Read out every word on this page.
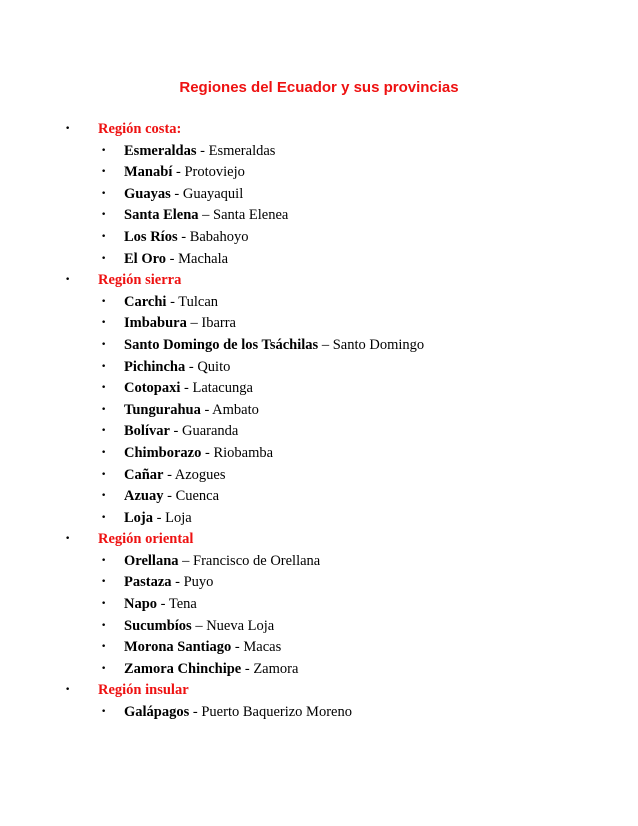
Regiones del Ecuador y sus provincias
• Región costa:
• Esmeraldas - Esmeraldas
• Manabí - Protoviejo
• Guayas - Guayaquil
• Santa Elena – Santa Elenea
• Los Ríos - Babahoyo
• El Oro - Machala
• Región sierra
• Carchi - Tulcan
• Imbabura – Ibarra
• Santo Domingo de los Tsáchilas – Santo Domingo
• Pichincha - Quito
• Cotopaxi - Latacunga
• Tungurahua - Ambato
• Bolívar - Guaranda
• Chimborazo - Riobamba
• Cañar - Azogues
• Azuay - Cuenca
• Loja - Loja
• Región oriental
• Orellana – Francisco de Orellana
• Pastaza - Puyo
• Napo - Tena
• Sucumbíos – Nueva Loja
• Morona Santiago - Macas
• Zamora Chinchipe - Zamora
• Región insular
• Galápagos - Puerto Baquerizo Moreno
